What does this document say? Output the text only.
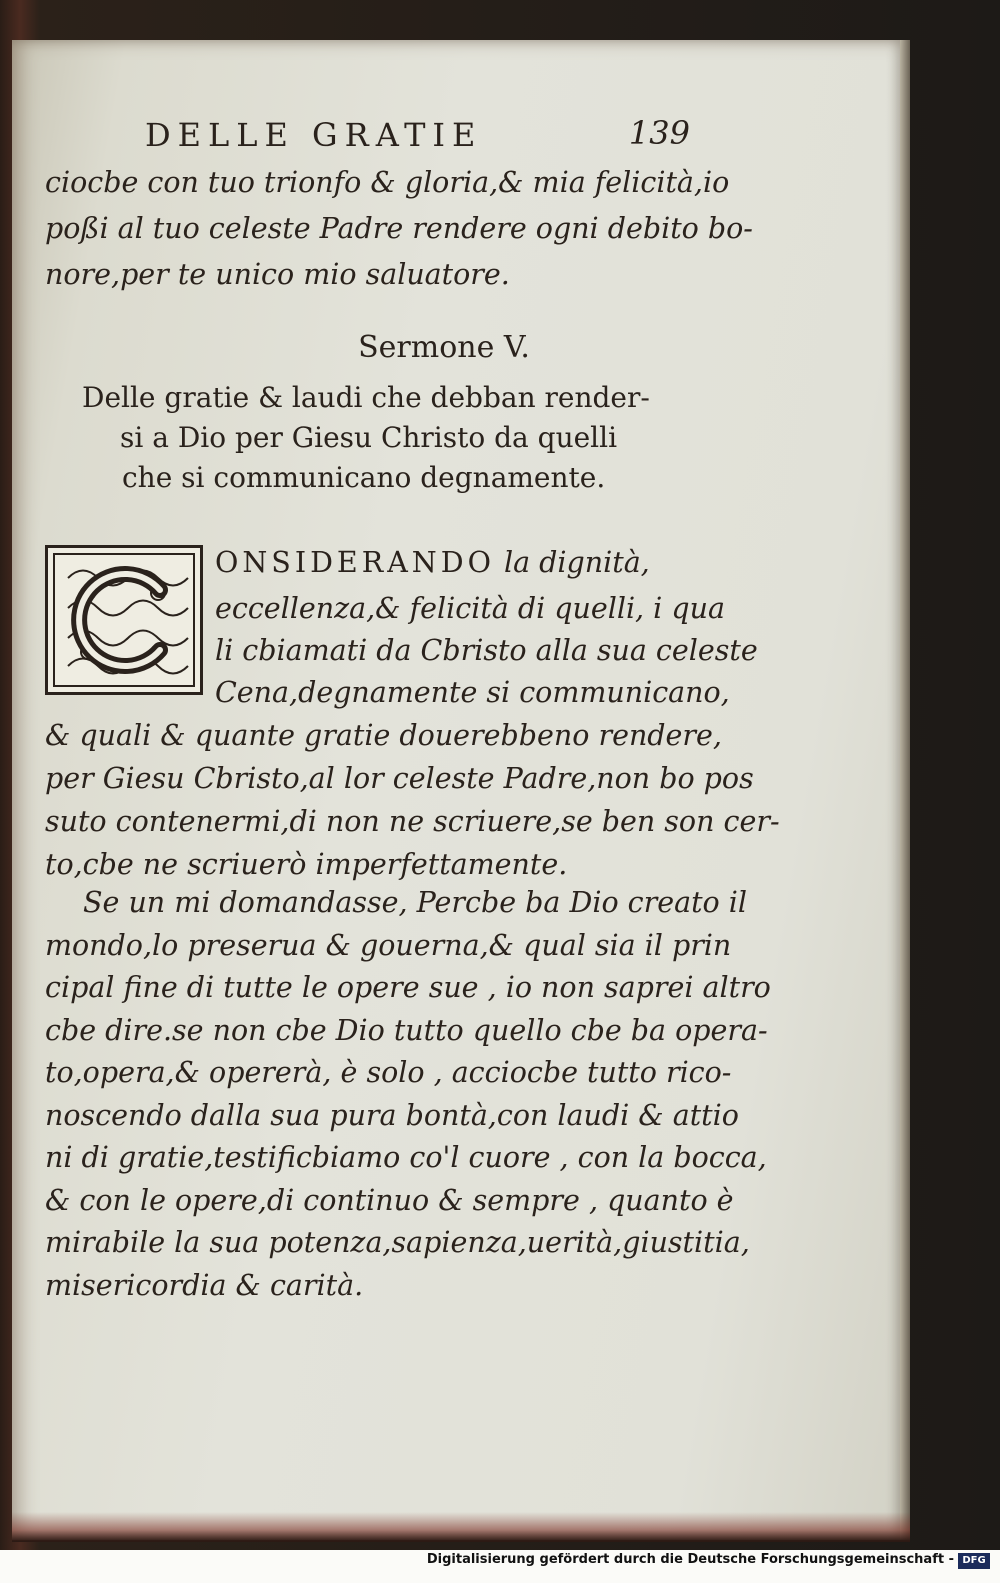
DELLE GRATIE	139
ciocbe con tuo trionfo & gloria,& mia felicità,io
poßi al tuo celeste Padre rendere ogni debito bo-
nore,per te unico mio saluatore.
Sermone V.
Delle gratie & laudi che debban render-
si a Dio per Giesu Christo da quelli
che si communicano degnamente.
C	ONSIDERANDO la dignità,
eccellenza,& felicità di quelli, i qua
li cbiamati da Cbristo alla sua celeste
Cena,degnamente si communicano,
& quali & quante gratie douerebbeno rendere,
per Giesu Cbristo,al lor celeste Padre,non bo pos
suto contenermi,di non ne scriuere,se ben son cer-
to,cbe ne scriuerò imperfettamente.
Se un mi domandasse, Percbe ba Dio creato il
mondo,lo preserua & gouerna,& qual sia il prin
cipal fine di tutte le opere sue , io non saprei altro
cbe dire.se non cbe Dio tutto quello cbe ba opera-
to,opera,& opererà, è solo , acciocbe tutto rico-
noscendo dalla sua pura bontà,con laudi & attio
ni di gratie,testificbiamo co'l cuore , con la bocca,
& con le opere,di continuo & sempre , quanto è
mirabile la sua potenza,sapienza,uerità,giustitia,
misericordia & carità.
Digitalisierung gefördert durch die Deutsche Forschungsgemeinschaft - DFG
